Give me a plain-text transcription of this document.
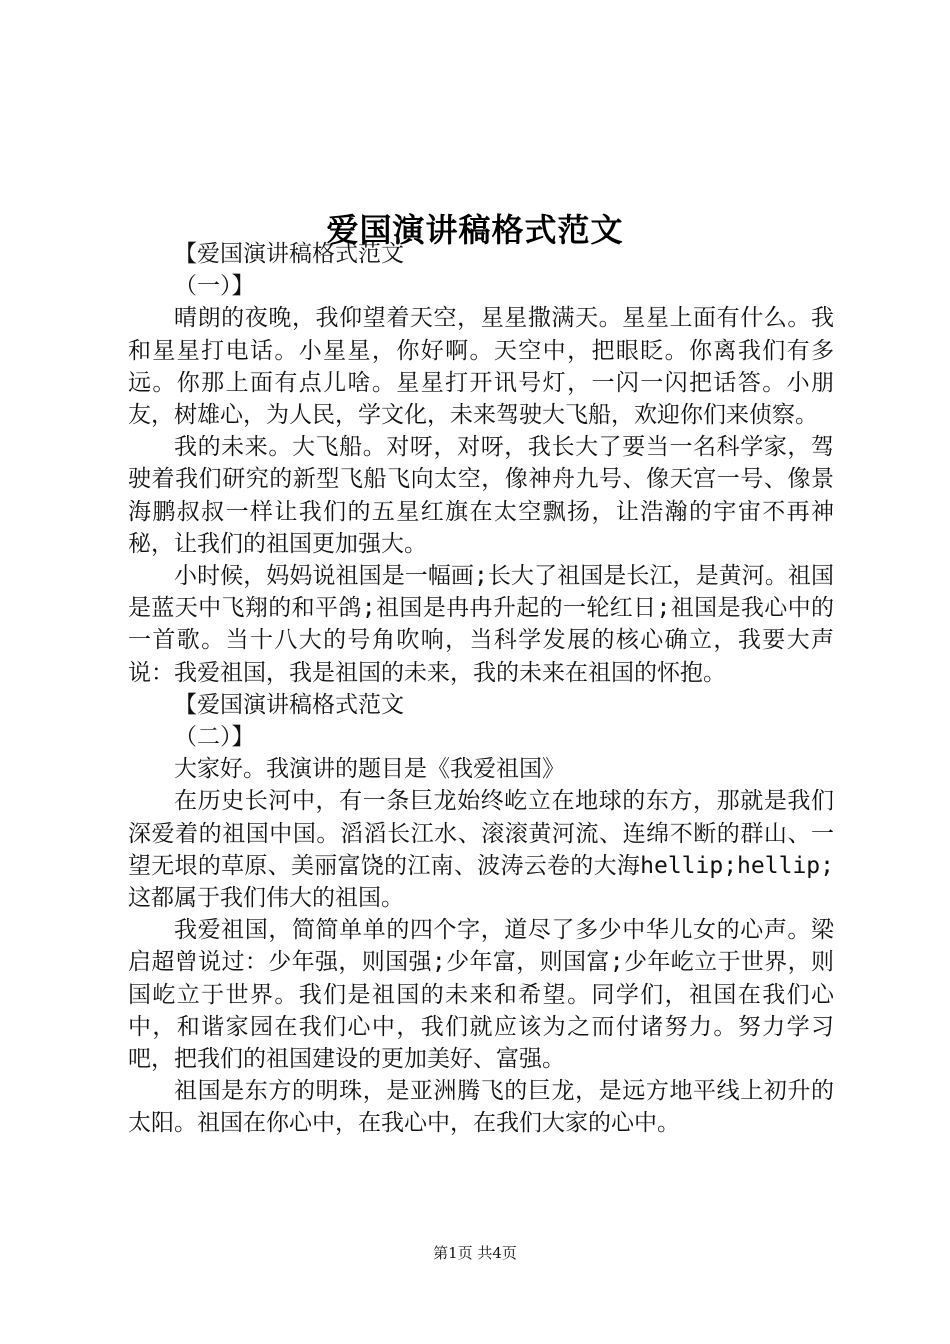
爱国演讲稿格式范文

【爱国演讲稿格式范文

（一）】

晴朗的夜晚，我仰望着天空，星星撒满天。星星上面有什么。我和星星打电话。小星星，你好啊。天空中，把眼眨。你离我们有多远。你那上面有点儿啥。星星打开讯号灯，一闪一闪把话答。小朋友，树雄心，为人民，学文化，未来驾驶大飞船，欢迎你们来侦察。

我的未来。大飞船。对呀，对呀，我长大了要当一名科学家，驾驶着我们研究的新型飞船飞向太空，像神舟九号、像天宫一号、像景海鹏叔叔一样让我们的五星红旗在太空飘扬，让浩瀚的宇宙不再神秘，让我们的祖国更加强大。

小时候，妈妈说祖国是一幅画;长大了祖国是长江，是黄河。祖国是蓝天中飞翔的和平鸽;祖国是冉冉升起的一轮红日;祖国是我心中的一首歌。当十八大的号角吹响，当科学发展的核心确立，我要大声说：我爱祖国，我是祖国的未来，我的未来在祖国的怀抱。

【爱国演讲稿格式范文

（二）】

大家好。我演讲的题目是《我爱祖国》

在历史长河中，有一条巨龙始终屹立在地球的东方，那就是我们深爱着的祖国中国。滔滔长江水、滚滚黄河流、连绵不断的群山、一望无垠的草原、美丽富饶的江南、波涛云卷的大海hellip;hellip;这都属于我们伟大的祖国。

我爱祖国，简简单单的四个字，道尽了多少中华儿女的心声。梁启超曾说过：少年强，则国强;少年富，则国富;少年屹立于世界，则国屹立于世界。我们是祖国的未来和希望。同学们，祖国在我们心中，和谐家园在我们心中，我们就应该为之而付诸努力。努力学习吧，把我们的祖国建设的更加美好、富强。

祖国是东方的明珠，是亚洲腾飞的巨龙，是远方地平线上初升的太阳。祖国在你心中，在我心中，在我们大家的心中。

第1页 共4页
